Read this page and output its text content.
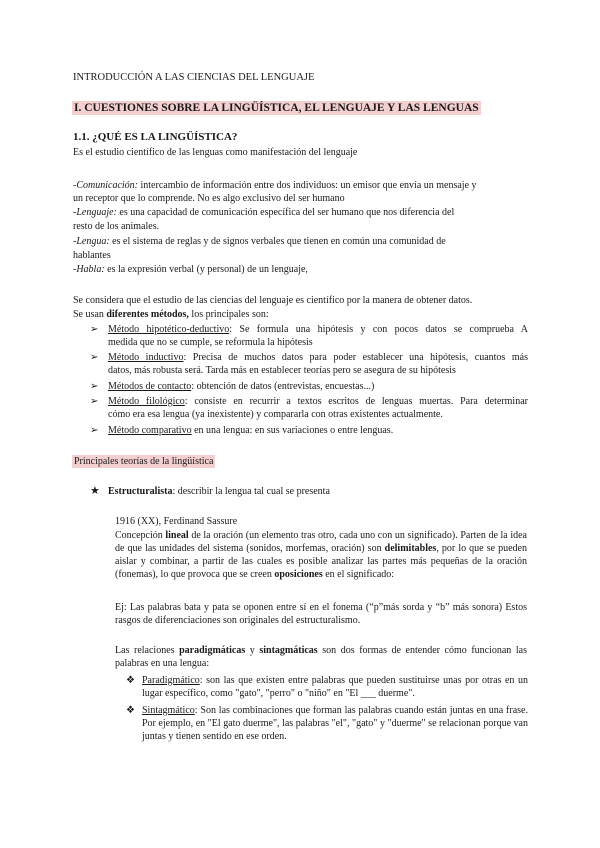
INTRODUCCIÓN A LAS CIENCIAS DEL LENGUAJE
I. CUESTIONES SOBRE LA LINGÜÍSTICA, EL LENGUAJE Y LAS LENGUAS
1.1. ¿QUÉ ES LA LINGÜÍSTICA?
Es el estudio científico de las lenguas como manifestación del lenguaje
-Comunicación: intercambio de información entre dos individuos: un emisor que envía un mensaje y
un receptor que lo comprende. No es algo exclusivo del ser humano
-Lenguaje: es una capacidad de comunicación específica del ser humano que nos diferencia del
resto de los animales.
-Lengua: es el sistema de reglas y de signos verbales que tienen en común una comunidad de
hablantes
-Habla: es la expresión verbal (y personal) de un lenguaje,
Se considera que el estudio de las ciencias del lenguaje es científico por la manera de obtener datos.
Se usan diferentes métodos, los principales son:
➢ Método hipotético-deductivo: Se formula una hipótesis y con pocos datos se comprueba A
medida que no se cumple, se reformula la hipótesis
➢ Método inductivo: Precisa de muchos datos para poder establecer una hipótesis, cuantos más
datos, más robusta será. Tarda más en establecer teorías pero se asegura de su hipótesis
➢ Métodos de contacto: obtención de datos (entrevistas, encuestas...)
➢ Método filológico: consiste en recurrir a textos escritos de lenguas muertas. Para determinar
cómo era esa lengua (ya inexistente) y compararla con otras existentes actualmente.
➢ Método comparativo en una lengua: en sus variaciones o entre lenguas.
Principales teorías de la lingüística
★ Estructuralista: describir la lengua tal cual se presenta
1916 (XX), Ferdinand Sassure
Concepción lineal de la oración (un elemento tras otro, cada uno con un significado). Parten de la idea de que las unidades del sistema (sonidos, morfemas, oración) son delimitables, por lo que se pueden aislar y combinar, a partir de las cuales es posible analizar las partes más pequeñas de la oración (fonemas), lo que provoca que se creen oposiciones en el significado:
Ej: Las palabras bata y pata se oponen entre sí en el fonema (“p”más sorda y “b” más sonora) Estos rasgos de diferenciaciones son originales del estructuralismo.
Las relaciones paradigmáticas y sintagmáticas son dos formas de entender cómo funcionan las palabras en una lengua:
❖ Paradigmático: son las que existen entre palabras que pueden sustituirse unas por otras en un lugar específico, como "gato", "perro" o "niño" en "El ___ duerme".
❖ Sintagmático: Son las combinaciones que forman las palabras cuando están juntas en una frase. Por ejemplo, en "El gato duerme", las palabras "el", "gato" y "duerme" se relacionan porque van juntas y tienen sentido en ese orden.
